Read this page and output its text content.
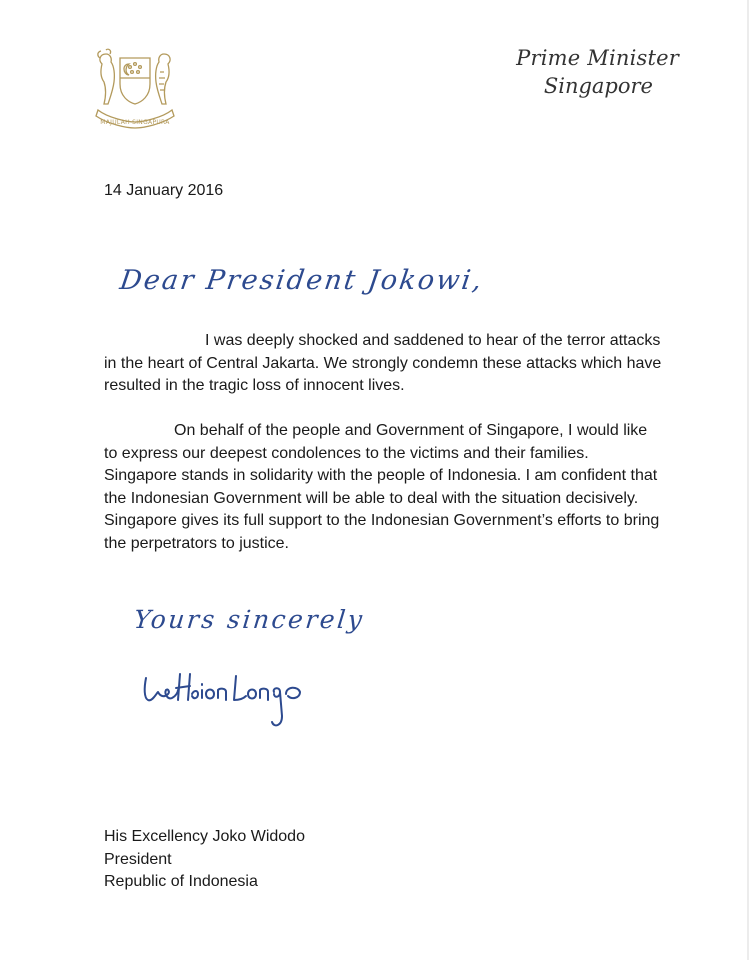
MAJULAH SINGAPURA
Prime Minister
Singapore
14 January 2016
Dear President Jokowi,

I was deeply shocked and saddened to hear of the terror attacks in the heart of Central Jakarta. We strongly condemn these attacks which have resulted in the tragic loss of innocent lives.

On behalf of the people and Government of Singapore, I would like to express our deepest condolences to the victims and their families. Singapore stands in solidarity with the people of Indonesia. I am confident that the Indonesian Government will be able to deal with the situation decisively. Singapore gives its full support to the Indonesian Government’s efforts to bring the perpetrators to justice.

Yours sincerely
His Excellency Joko Widodo
President
Republic of Indonesia
